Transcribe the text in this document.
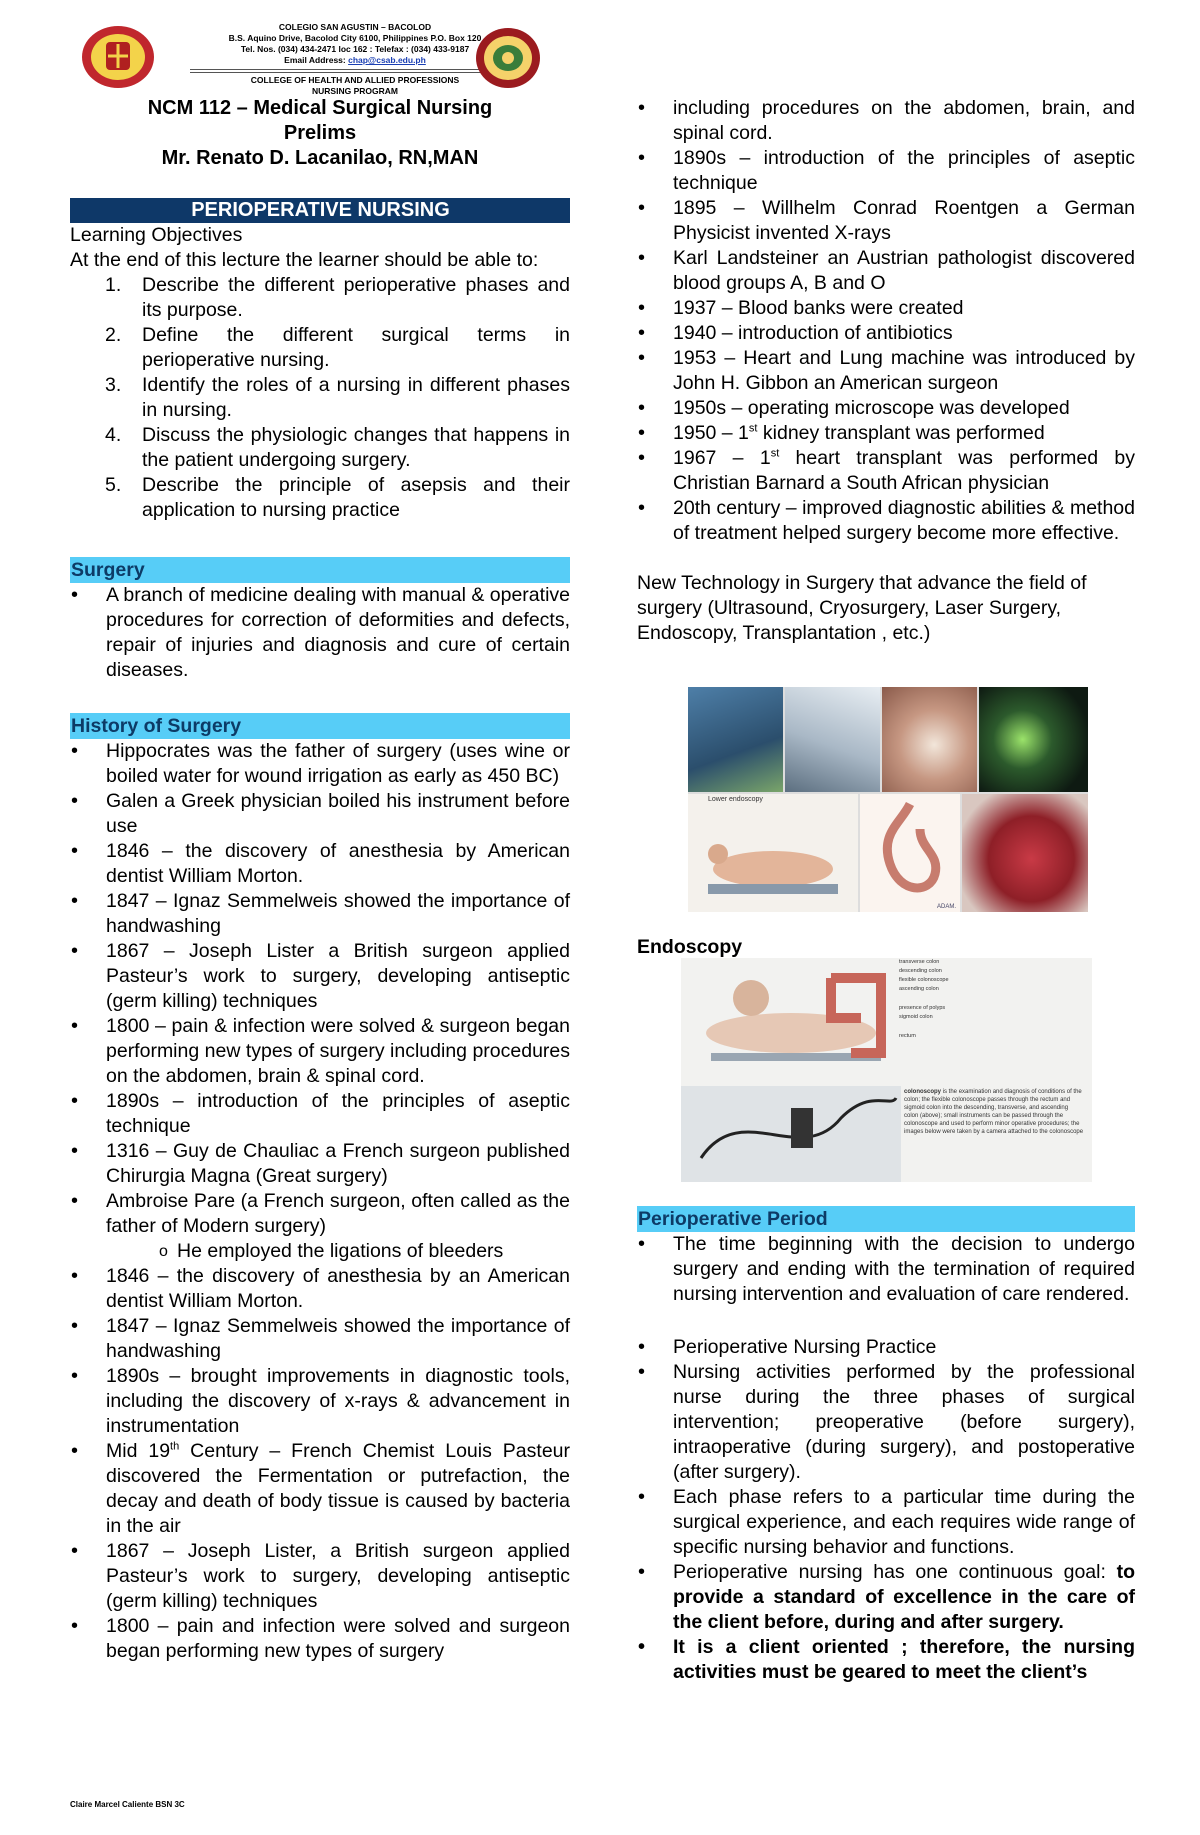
COLEGIO SAN AGUSTIN – BACOLOD
B.S. Aquino Drive, Bacolod City 6100, Philippines P.O. Box 120
Tel. Nos. (034) 434-2471 loc 162 : Telefax : (034) 433-9187
Email Address: chap@csab.edu.ph
COLLEGE OF HEALTH AND ALLIED PROFESSIONS
NURSING PROGRAM
NCM 112 – Medical Surgical Nursing
Prelims
Mr. Renato D. Lacanilao, RN,MAN
PERIOPERATIVE NURSING

Learning Objectives

At the end of this lecture the learner should be able to:

1. Describe the different perioperative phases and its purpose.
2. Define the different surgical terms in perioperative nursing.
3. Identify the roles of a nursing in different phases in nursing.
4. Discuss the physiologic changes that happens in the patient undergoing surgery.
5. Describe the principle of asepsis and their application to nursing practice
Surgery
• A branch of medicine dealing with manual & operative procedures for correction of deformities and defects, repair of injuries and diagnosis and cure of certain diseases.
History of Surgery
• Hippocrates was the father of surgery (uses wine or boiled water for wound irrigation as early as 450 BC)
• Galen a Greek physician boiled his instrument before use
• 1846 – the discovery of anesthesia by American dentist William Morton.
• 1847 – Ignaz Semmelweis showed the importance of handwashing
• 1867 – Joseph Lister a British surgeon applied Pasteur’s work to surgery, developing antiseptic (germ killing) techniques
• 1800 – pain & infection were solved & surgeon began performing new types of surgery including procedures on the abdomen, brain & spinal cord.
• 1890s – introduction of the principles of aseptic technique
• 1316 – Guy de Chauliac a French surgeon published Chirurgia Magna (Great surgery)
• Ambroise Pare (a French surgeon, often called as the father of Modern surgery)
o He employed the ligations of bleeders
• 1846 – the discovery of anesthesia by an American dentist William Morton.
• 1847 – Ignaz Semmelweis showed the importance of handwashing
• 1890s – brought improvements in diagnostic tools, including the discovery of x-rays & advancement in instrumentation
• Mid 19th Century – French Chemist Louis Pasteur discovered the Fermentation or putrefaction, the decay and death of body tissue is caused by bacteria in the air
• 1867 – Joseph Lister, a British surgeon applied Pasteur’s work to surgery, developing antiseptic (germ killing) techniques
• 1800 – pain and infection were solved and surgeon began performing new types of surgery
Claire Marcel Caliente BSN 3C
• including procedures on the abdomen, brain, and spinal cord.
• 1890s – introduction of the principles of aseptic technique
• 1895 – Willhelm Conrad Roentgen a German Physicist invented X-rays
• Karl Landsteiner an Austrian pathologist discovered blood groups A, B and O
• 1937 – Blood banks were created
• 1940 – introduction of antibiotics
• 1953 – Heart and Lung machine was introduced by John H. Gibbon an American surgeon
• 1950s – operating microscope was developed
• 1950 – 1st kidney transplant was performed
• 1967 – 1st heart transplant was performed by Christian Barnard a South African physician
• 20th century – improved diagnostic abilities & method of treatment helped surgery become more effective.

New Technology in Surgery that advance the field of surgery (Ultrasound, Cryosurgery, Laser Surgery, Endoscopy, Transplantation , etc.)

Lower endoscopy
ADAM.
Endoscopy
transverse colon
descending colon
flexible colonoscope
ascending colon
presence of polyps
sigmoid colon
rectum
colonoscopy is the examination and diagnosis of conditions of the colon; the flexible colonoscope passes through the rectum and sigmoid colon into the descending, transverse, and ascending colon (above); small instruments can be passed through the colonoscope and used to perform minor operative procedures; the images below were taken by a camera attached to the colonoscope
Perioperative Period
• The time beginning with the decision to undergo surgery and ending with the termination of required nursing intervention and evaluation of care rendered.
• Perioperative Nursing Practice
• Nursing activities performed by the professional nurse during the three phases of surgical intervention; preoperative (before surgery), intraoperative (during surgery), and postoperative (after surgery).
• Each phase refers to a particular time during the surgical experience, and each requires wide range of specific nursing behavior and functions.
• Perioperative nursing has one continuous goal: to provide a standard of excellence in the care of the client before, during and after surgery.
• It is a client oriented ; therefore, the nursing activities must be geared to meet the client’s
